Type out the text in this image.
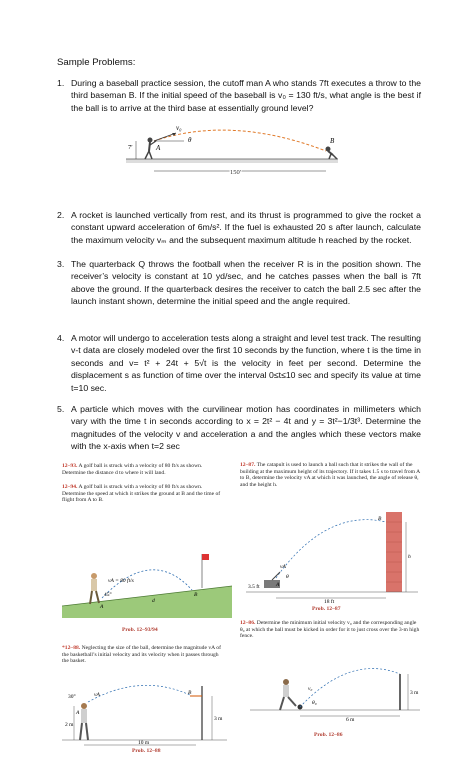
Sample Problems:
1. During a baseball practice session, the cutoff man A who stands 7ft executes a throw to the third baseman B. If the initial speed of the baseball is v₀ = 130 ft/s, what angle is the best if the ball is to arrive at the third base at essentially ground level?
v₀
θ
A
B
7′
150′
2. A rocket is launched vertically from rest, and its thrust is programmed to give the rocket a constant upward acceleration of 6m/s². If the fuel is exhausted 20 s after launch, calculate the maximum velocity vₘ and the subsequent maximum altitude h reached by the rocket.
3. The quarterback Q throws the football when the receiver R is in the position shown. The receiver’s velocity is constant at 10 yd/sec, and he catches passes when the ball is 7ft above the ground. If the quarterback desires the receiver to catch the ball 2.5 sec after the launch instant shown, determine the initial speed and the angle required.
4. A motor will undergo to acceleration tests along a straight and level test track. The resulting v-t data are closely modeled over the first 10 seconds by the function, where t is the time in seconds and v= t² + 24t + 5√t is the velocity in feet per second. Determine the displacement s as function of time over the interval 0≤t≤10 sec and specify its value at time t=10 sec.
5. A particle which moves with the curvilinear motion has coordinates in millimeters which vary with the time t in seconds according to x = 2t² − 4t and y = 3t²−1/3t³. Determine the magnitudes of the velocity v and acceleration a and the angles which these vectors make with the x-axis when t=2 sec
12–93. A golf ball is struck with a velocity of 80 ft/s as shown. Determine the distance d to where it will land.
12–94. A golf ball is struck with a velocity of 80 ft/s as shown. Determine the speed at which it strikes the ground at B and the time of flight from A to B.
vA = 80 ft/s
45°
d
A
B
Prob. 12–93/94
*12–88. Neglecting the size of the ball, determine the magnitude vA of the basketball’s initial velocity and its velocity when it passes through the basket.
30°	vA
A
B
2 m
3 m
10 m
Prob. 12–88
12–87. The catapult is used to launch a ball such that it strikes the wall of the building at the maximum height of its trajectory. If it takes 1.5 s to travel from A to B, determine the velocity vA at which it was launched, the angle of release θ, and the height h.
h
A
B
vA
θ
3.5 ft
18 ft
Prob. 12–87
12–86. Determine the minimum initial velocity v₀ and the corresponding angle θ₀ at which the ball must be kicked in order for it to just cross over the 3-m high fence.
3 m
6 m
v₀
θ₀
Prob. 12–86
